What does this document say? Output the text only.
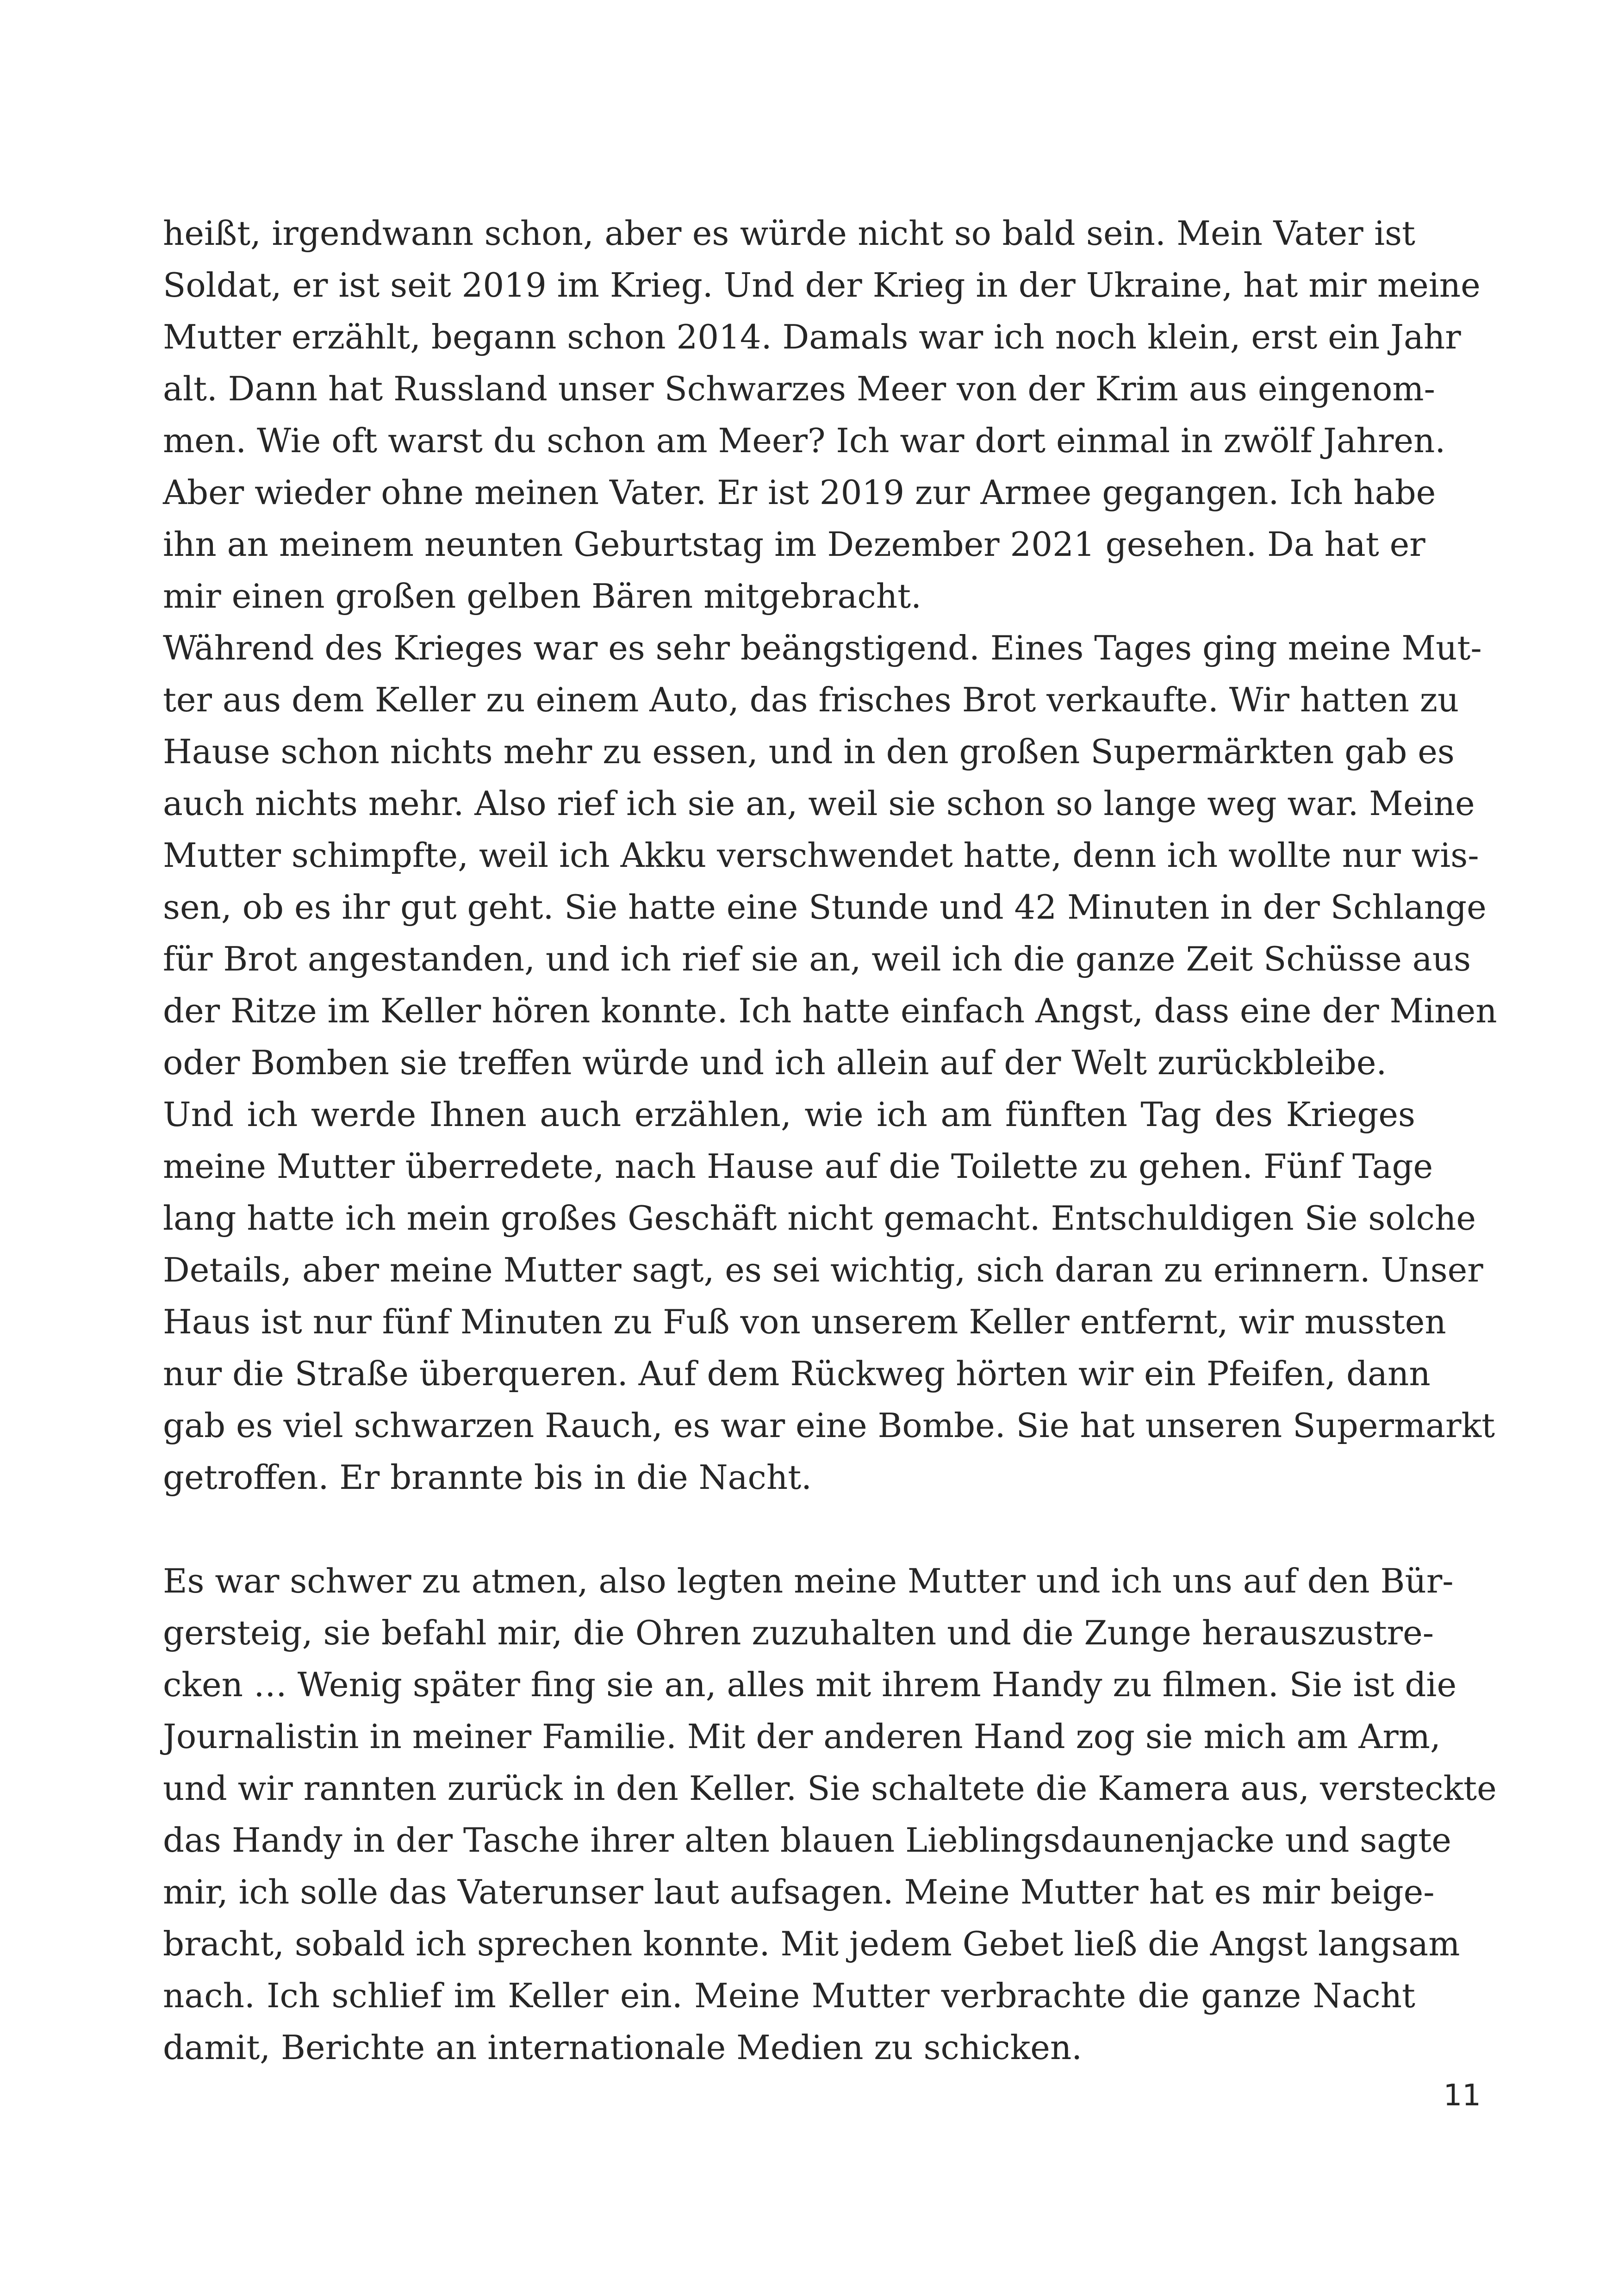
heißt, irgendwann schon, aber es würde nicht so bald sein. Mein Vater ist
Soldat, er ist seit 2019 im Krieg. Und der Krieg in der Ukraine, hat mir meine
Mutter erzählt, begann schon 2014. Damals war ich noch klein, erst ein Jahr
alt. Dann hat Russland unser Schwarzes Meer von der Krim aus eingenom-
men. Wie oft warst du schon am Meer? Ich war dort einmal in zwölf Jahren.
Aber wieder ohne meinen Vater. Er ist 2019 zur Armee gegangen. Ich habe
ihn an meinem neunten Geburtstag im Dezember 2021 gesehen. Da hat er
mir einen großen gelben Bären mitgebracht.

Während des Krieges war es sehr beängstigend. Eines Tages ging meine Mut-
ter aus dem Keller zu einem Auto, das frisches Brot verkaufte. Wir hatten zu
Hause schon nichts mehr zu essen, und in den großen Supermärkten gab es
auch nichts mehr. Also rief ich sie an, weil sie schon so lange weg war. Meine
Mutter schimpfte, weil ich Akku verschwendet hatte, denn ich wollte nur wis-
sen, ob es ihr gut geht. Sie hatte eine Stunde und 42 Minuten in der Schlange
für Brot angestanden, und ich rief sie an, weil ich die ganze Zeit Schüsse aus
der Ritze im Keller hören konnte. Ich hatte einfach Angst, dass eine der Minen
oder Bomben sie treffen würde und ich allein auf der Welt zurückbleibe.

Und ich werde Ihnen auch erzählen, wie ich am fünften Tag des Krieges
meine Mutter überredete, nach Hause auf die Toilette zu gehen. Fünf Tage
lang hatte ich mein großes Geschäft nicht gemacht. Entschuldigen Sie solche
Details, aber meine Mutter sagt, es sei wichtig, sich daran zu erinnern. Unser
Haus ist nur fünf Minuten zu Fuß von unserem Keller entfernt, wir mussten
nur die Straße überqueren. Auf dem Rückweg hörten wir ein Pfeifen, dann
gab es viel schwarzen Rauch, es war eine Bombe. Sie hat unseren Supermarkt
getroffen. Er brannte bis in die Nacht.

Es war schwer zu atmen, also legten meine Mutter und ich uns auf den Bür-
gersteig, sie befahl mir, die Ohren zuzuhalten und die Zunge herauszustre-
cken … Wenig später fing sie an, alles mit ihrem Handy zu filmen. Sie ist die
Journalistin in meiner Familie. Mit der anderen Hand zog sie mich am Arm,
und wir rannten zurück in den Keller. Sie schaltete die Kamera aus, versteckte
das Handy in der Tasche ihrer alten blauen Lieblingsdaunenjacke und sagte
mir, ich solle das Vaterunser laut aufsagen. Meine Mutter hat es mir beige-
bracht, sobald ich sprechen konnte. Mit jedem Gebet ließ die Angst langsam
nach. Ich schlief im Keller ein. Meine Mutter verbrachte die ganze Nacht
damit, Berichte an internationale Medien zu schicken.

11
